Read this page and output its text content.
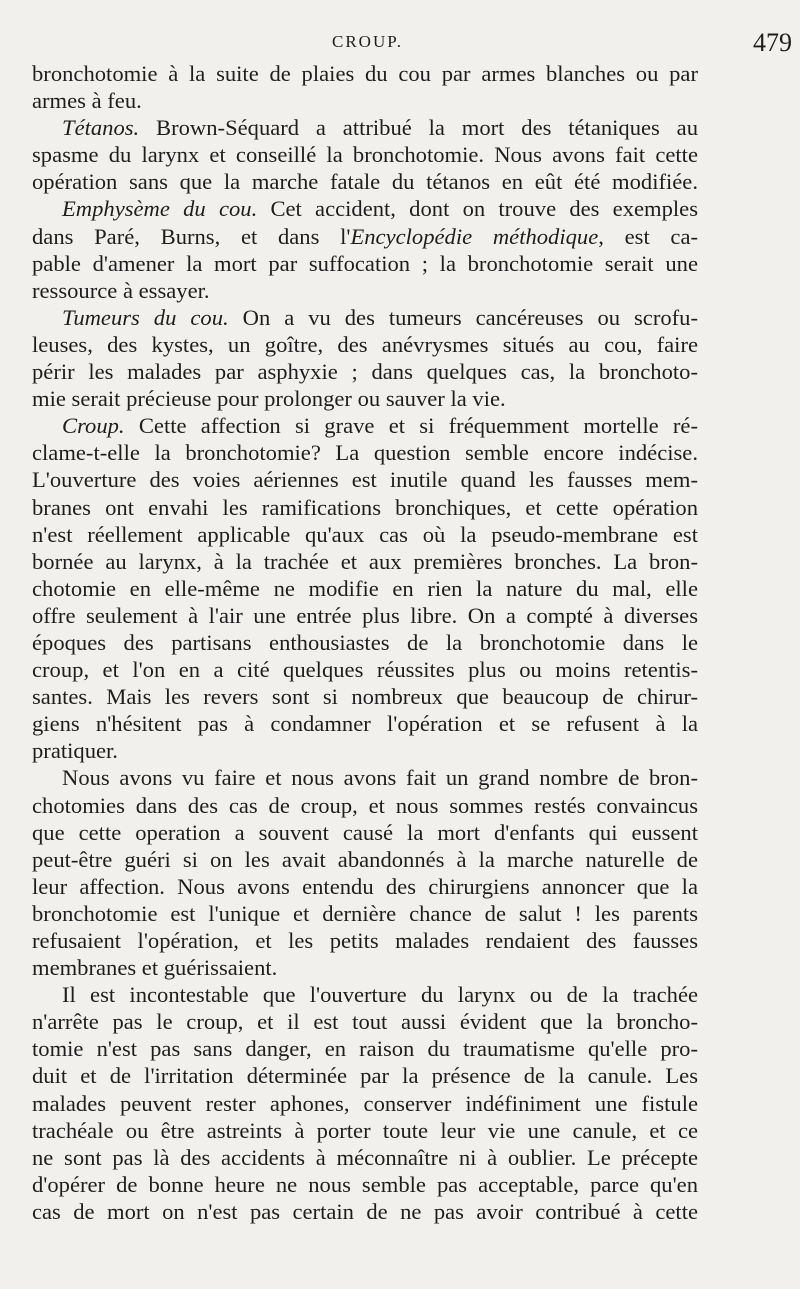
CROUP.	479
bronchotomie à la suite de plaies du cou par armes blanches ou par
armes à feu.
Tétanos. Brown-Séquard a attribué la mort des tétaniques au
spasme du larynx et conseillé la bronchotomie. Nous avons fait cette
opération sans que la marche fatale du tétanos en eût été modifiée.
Emphysème du cou. Cet accident, dont on trouve des exemples
dans Paré, Burns, et dans l'Encyclopédie méthodique, est ca-
pable d'amener la mort par suffocation ; la bronchotomie serait une
ressource à essayer.
Tumeurs du cou. On a vu des tumeurs cancéreuses ou scrofu-
leuses, des kystes, un goître, des anévrysmes situés au cou, faire
périr les malades par asphyxie ; dans quelques cas, la bronchoto-
mie serait précieuse pour prolonger ou sauver la vie.
Croup. Cette affection si grave et si fréquemment mortelle ré-
clame-t-elle la bronchotomie? La question semble encore indécise.
L'ouverture des voies aériennes est inutile quand les fausses mem-
branes ont envahi les ramifications bronchiques, et cette opération
n'est réellement applicable qu'aux cas où la pseudo-membrane est
bornée au larynx, à la trachée et aux premières bronches. La bron-
chotomie en elle-même ne modifie en rien la nature du mal, elle
offre seulement à l'air une entrée plus libre. On a compté à diverses
époques des partisans enthousiastes de la bronchotomie dans le
croup, et l'on en a cité quelques réussites plus ou moins retentis-
santes. Mais les revers sont si nombreux que beaucoup de chirur-
giens n'hésitent pas à condamner l'opération et se refusent à la
pratiquer.
Nous avons vu faire et nous avons fait un grand nombre de bron-
chotomies dans des cas de croup, et nous sommes restés convaincus
que cette operation a souvent causé la mort d'enfants qui eussent
peut-être guéri si on les avait abandonnés à la marche naturelle de
leur affection. Nous avons entendu des chirurgiens annoncer que la
bronchotomie est l'unique et dernière chance de salut ! les parents
refusaient l'opération, et les petits malades rendaient des fausses
membranes et guérissaient.
Il est incontestable que l'ouverture du larynx ou de la trachée
n'arrête pas le croup, et il est tout aussi évident que la broncho-
tomie n'est pas sans danger, en raison du traumatisme qu'elle pro-
duit et de l'irritation déterminée par la présence de la canule. Les
malades peuvent rester aphones, conserver indéfiniment une fistule
trachéale ou être astreints à porter toute leur vie une canule, et ce
ne sont pas là des accidents à méconnaître ni à oublier. Le précepte
d'opérer de bonne heure ne nous semble pas acceptable, parce qu'en
cas de mort on n'est pas certain de ne pas avoir contribué à cette
